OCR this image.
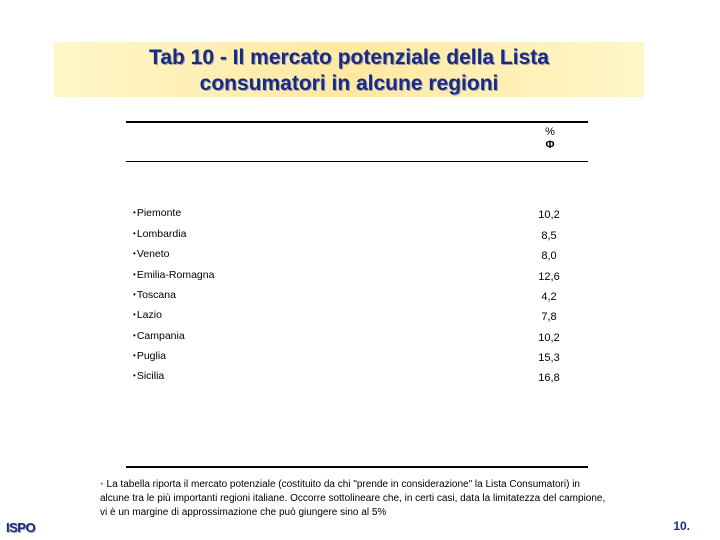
Tab 10 - Il mercato potenziale della Lista
consumatori in alcune regioni
%
Φ
•Piemonte	10,2
•Lombardia	8,5
•Veneto	8,0
•Emilia-Romagna	12,6
•Toscana	4,2
•Lazio	7,8
•Campania	10,2
•Puglia	15,3
•Sicilia	16,8
• La tabella riporta il mercato potenziale (costituito da chi "prende in considerazione" la Lista Consumatori) in alcune tra le più importanti regioni italiane. Occorre sottolineare che, in certi casi, data la limitatezza del campione, vi è un margine di approssimazione che può giungere sino al 5%
ISPO	10.
